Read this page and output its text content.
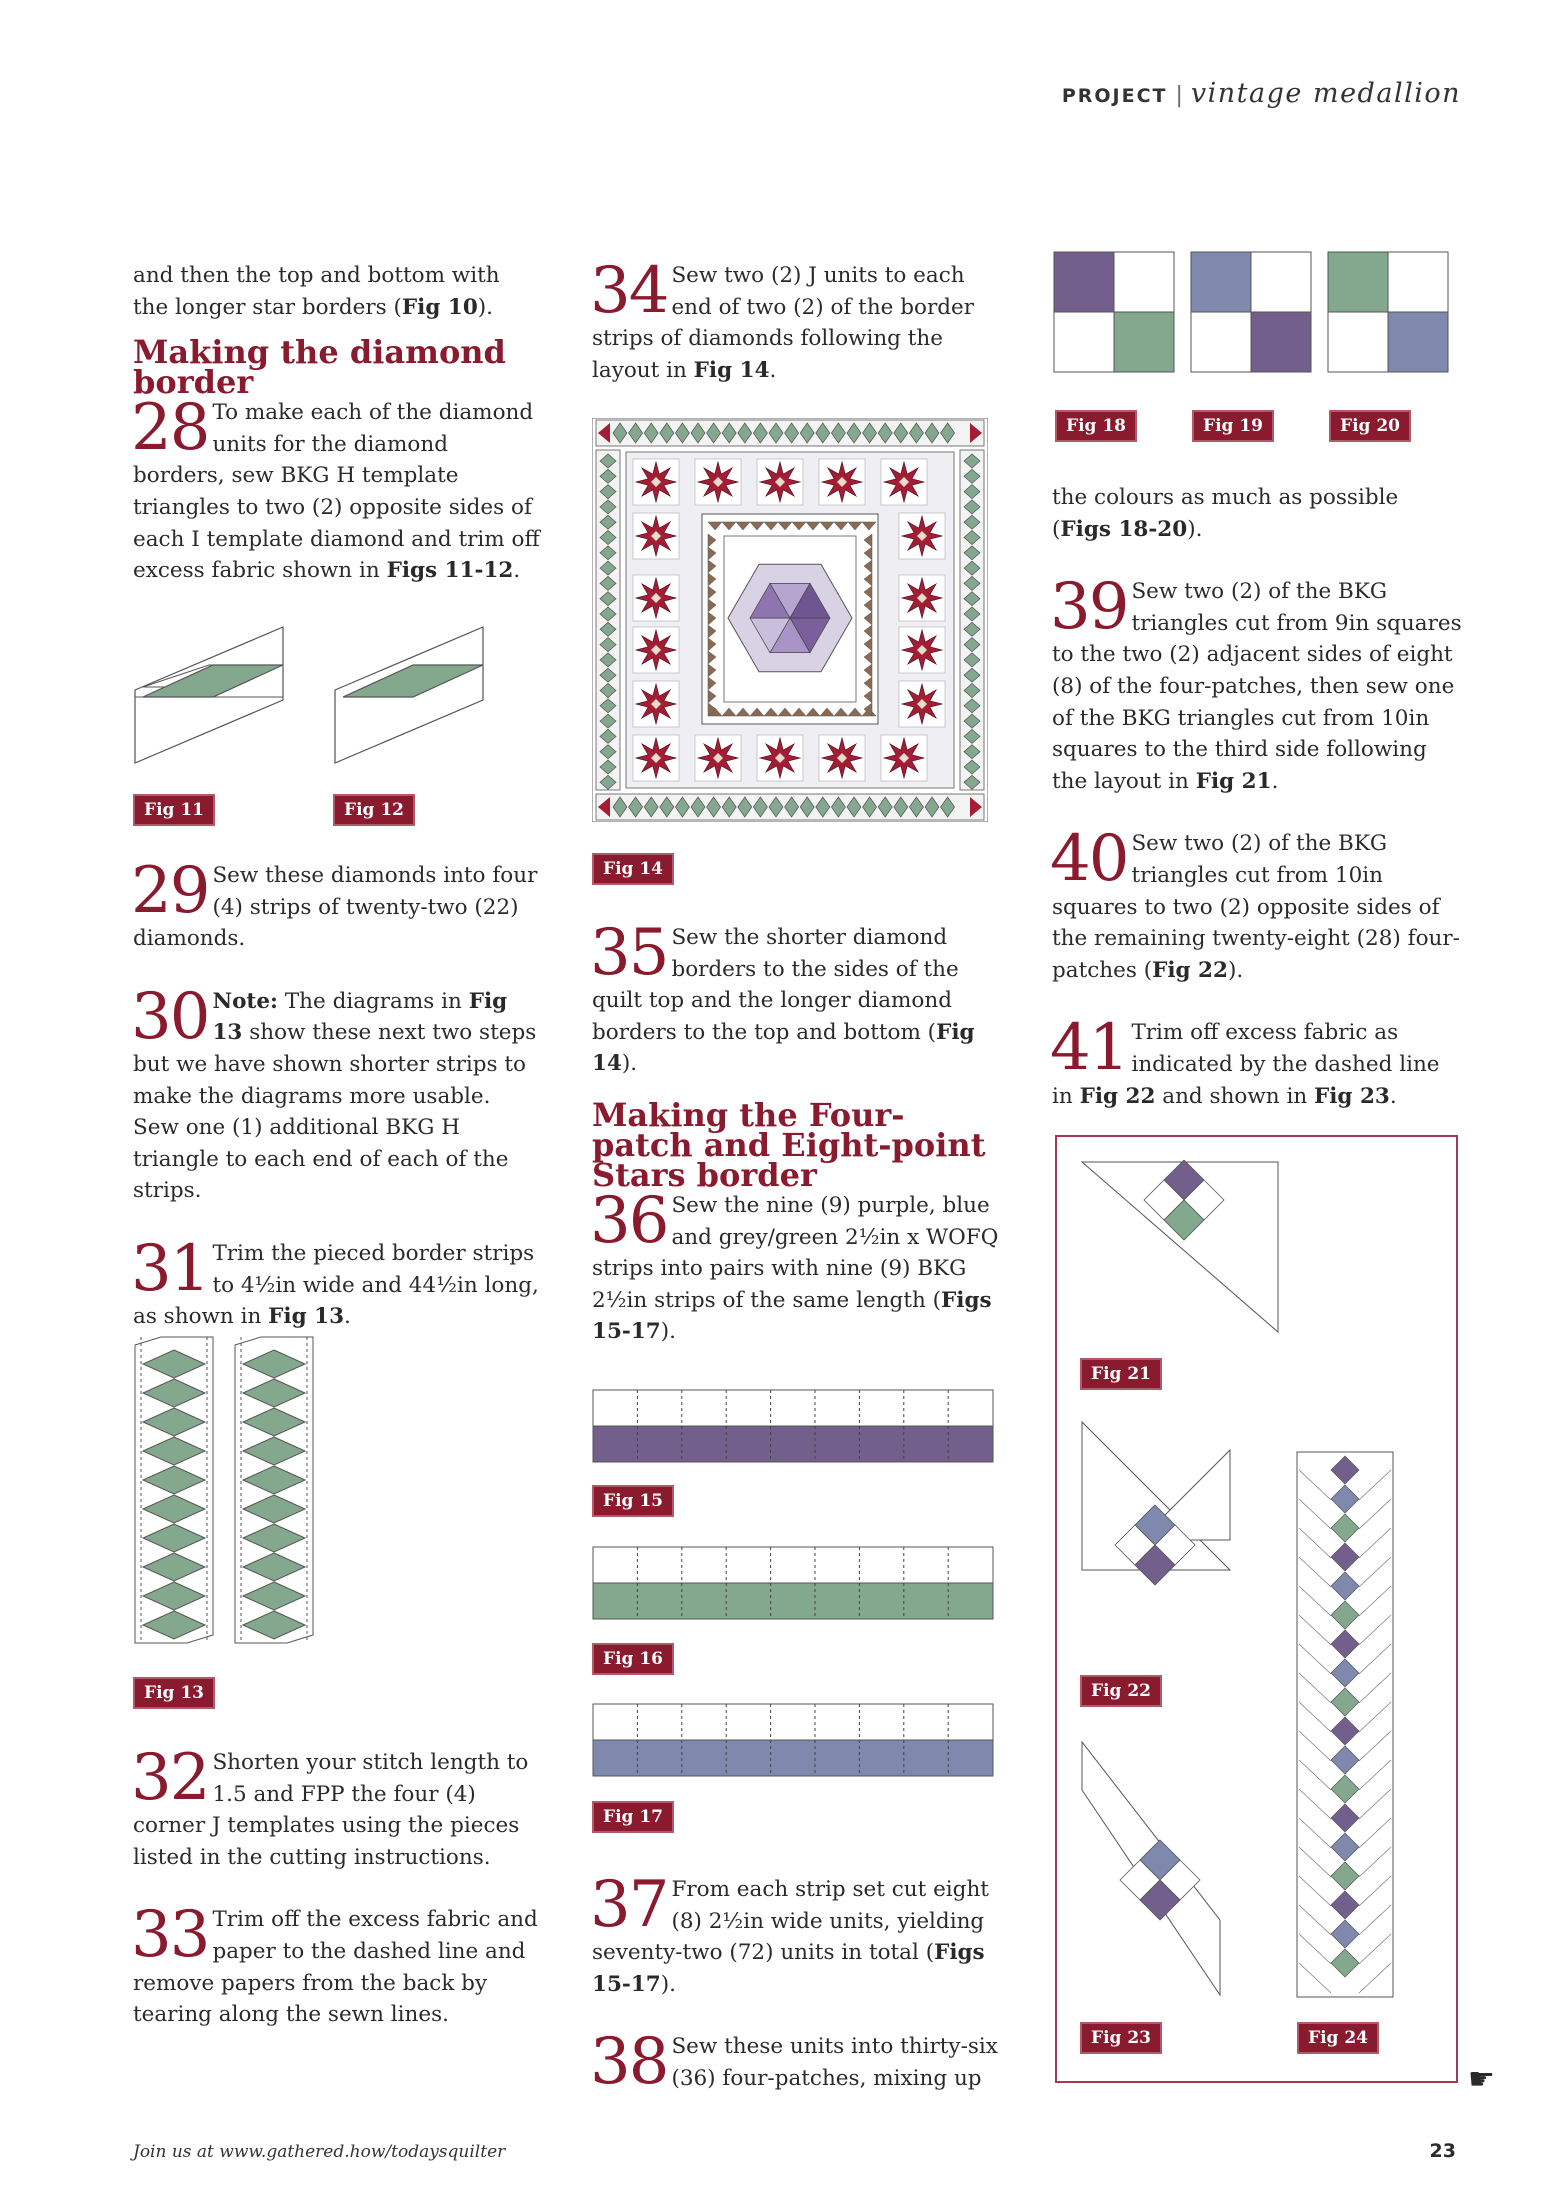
PROJECT | vintage medallion

and then the top and bottom with the longer star borders (Fig 10).

Making the diamond border

28 To make each of the diamond units for the diamond borders, sew BKG H template triangles to two (2) opposite sides of each I template diamond and trim off excess fabric shown in Figs 11-12.

29 Sew these diamonds into four (4) strips of twenty-two (22) diamonds.

30 Note: The diagrams in Fig 13 show these next two steps but we have shown shorter strips to make the diagrams more usable. Sew one (1) additional BKG H triangle to each end of each of the strips.

31 Trim the pieced border strips to 4½in wide and 44½in long, as shown in Fig 13.

32 Shorten your stitch length to 1.5 and FPP the four (4) corner J templates using the pieces listed in the cutting instructions.

33 Trim off the excess fabric and paper to the dashed line and remove papers from the back by tearing along the sewn lines.

Fig 11	Fig 12
Fig 13

34 Sew two (2) J units to each end of two (2) of the border strips of diamonds following the layout in Fig 14.

Fig 14

35 Sew the shorter diamond borders to the sides of the quilt top and the longer diamond borders to the top and bottom (Fig 14).

Making the Four-patch and Eight-point Stars border

36 Sew the nine (9) purple, blue and grey/green 2½in x WOFQ strips into pairs with nine (9) BKG 2½in strips of the same length (Figs 15-17).

Fig 15
Fig 16
Fig 17

37 From each strip set cut eight (8) 2½in wide units, yielding seventy-two (72) units in total (Figs 15-17).

38 Sew these units into thirty-six (36) four-patches, mixing up

Fig 18	Fig 19	Fig 20

the colours as much as possible (Figs 18-20).

39 Sew two (2) of the BKG triangles cut from 9in squares to the two (2) adjacent sides of eight (8) of the four-patches, then sew one of the BKG triangles cut from 10in squares to the third side following the layout in Fig 21.

40 Sew two (2) of the BKG triangles cut from 10in squares to two (2) opposite sides of the remaining twenty-eight (28) four-patches (Fig 22).

41 Trim off excess fabric as indicated by the dashed line in Fig 22 and shown in Fig 23.

Fig 21
Fig 22
Fig 23	Fig 24
☛
Join us at www.gathered.how/todaysquilter	23
